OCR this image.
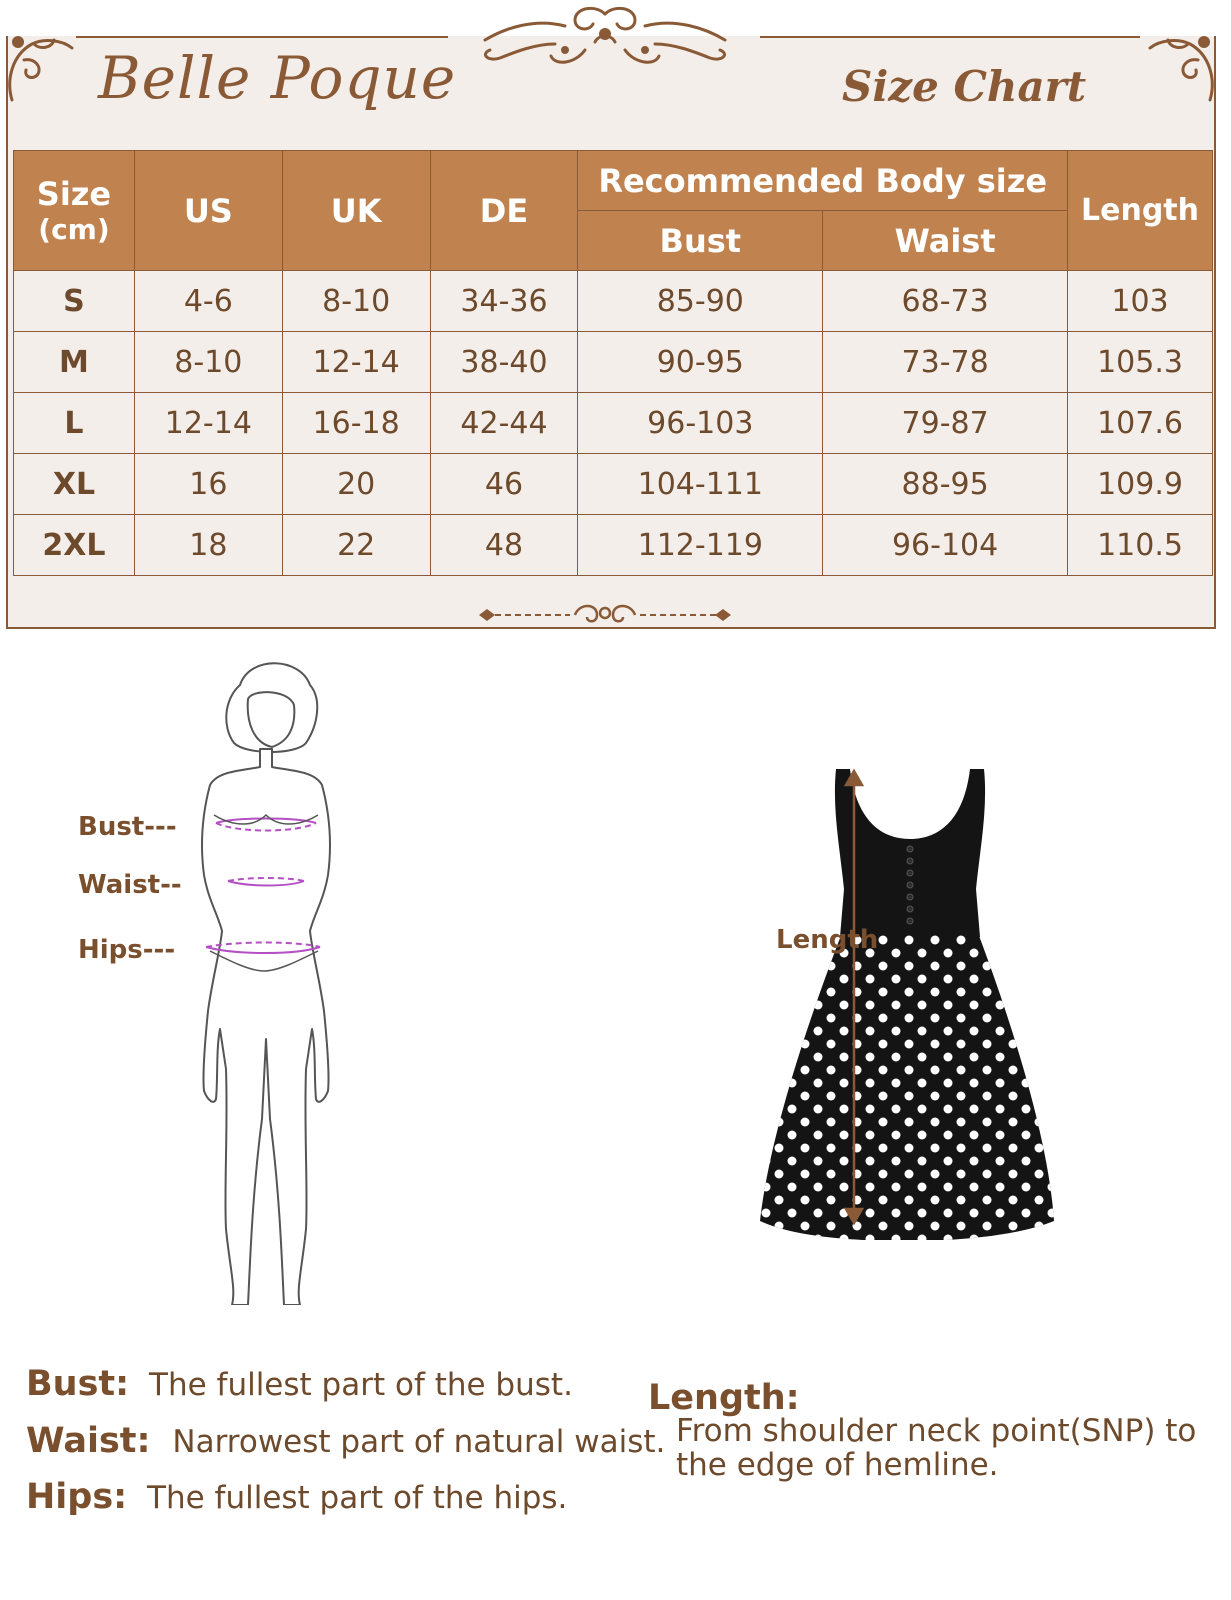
Belle Poque	Size Chart
Size
(cm)	US	UK	DE	Recommended Body size		Length
				Bust	Waist	
S	4-6	8-10	34-36	85-90	68-73	103
M	8-10	12-14	38-40	90-95	73-78	105.3
L	12-14	16-18	42-44	96-103	79-87	107.6
XL	16	20	46	104-111	88-95	109.9
2XL	18	22	48	112-119	96-104	110.5
Bust---
Waist--
Hips---	Length
Bust: The fullest part of the bust.
Waist: Narrowest part of natural waist.
Hips: The fullest part of the hips.
Length:
From shoulder neck point(SNP) to
the edge of hemline.
